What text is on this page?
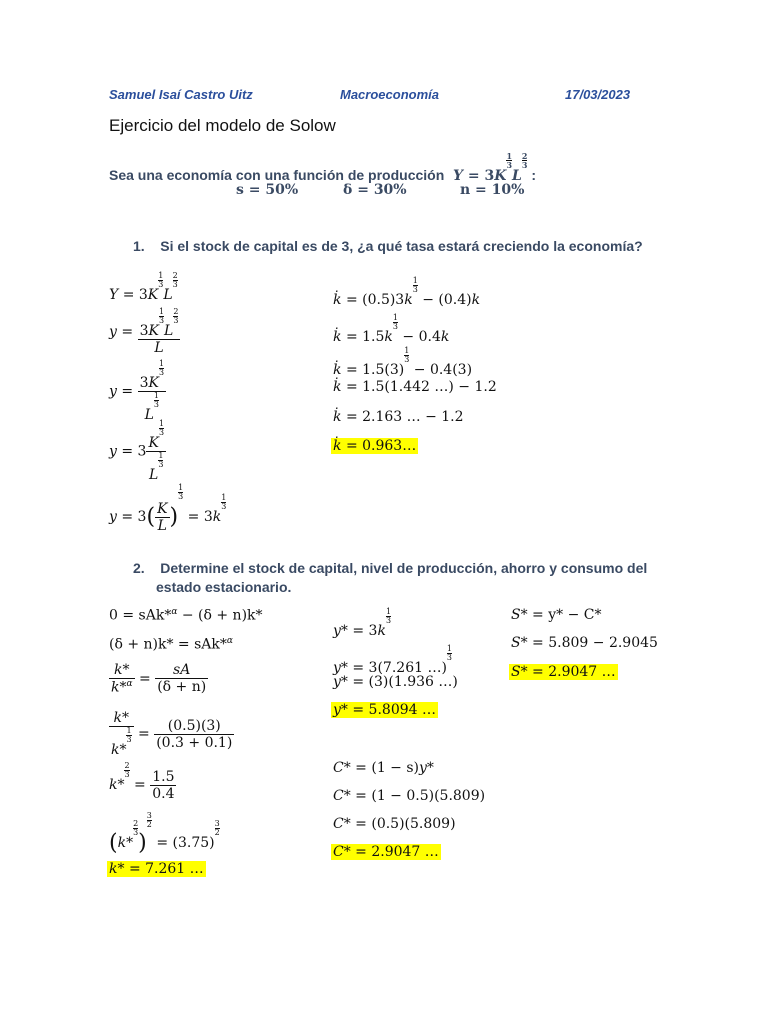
Samuel Isaí Castro Uitz	Macroeconomía	17/03/2023
Ejercicio del modelo de Solow
Sea una economía con una función de producción Y = 3K
$\frac{1}{3}$
L
$\frac{2}{3}$
:
s = 50%	δ = 30%	n = 10%
1. Si el stock de capital es de 3, ¿a qué tasa estará creciendo la economía?
Y = 3K
$\frac{1}{3}$
L
$\frac{2}{3}$
y = 3K
$\frac{1}{3}$
L
$\frac{2}{3}$
L
y = 3K
$\frac{1}{3}$
L
$\frac{1}{3}$
y = 3 K
$\frac{1}{3}$
L
$\frac{1}{3}$
$y = 3( \frac{K}{L}$ )
$\frac{1}{3}$
= 3k
$\frac{1}{3}$
k̇ = (0.5)3k
$\frac{1}{3}$
− (0.4)k
k̇ = 1.5k
$\frac{1}{3}$
− 0.4k
k̇ = 1.5(3)
$\frac{1}{3}$
− 0.4(3)
k̇ = 1.5(1.442 …) − 1.2
k̇ = 2.163 … − 1.2
k̇ = 0.963…
2. Determine el stock de capital, nivel de producción, ahorro y consumo del
estado estacionario.
0 = sAk*$^\alpha$ − (δ + n)k*
(δ + n)k* = sAk*$^\alpha$
$\frac{k*}{k*^\alpha} = \frac{sA}{(\delta + n)}$
k*
k*
$\frac{1}{3} = \frac{(0.5)(3)}{(0.3 + 0.1)}$
k*
$\frac{2}{3}$
= $\frac{1.5}{0.4}$
(k*
$\frac{2}{3}$
)
$\frac{3}{2}$
= (3.75)
$\frac{3}{2}$
k* = 7.261 …
y* = 3k
$\frac{1}{3}$
y* = 3(7.261 …)
$\frac{1}{3}$
y* = (3)(1.936 …)
y* = 5.8094 …
C* = (1 − s)y*
C* = (1 − 0.5)(5.809)
C* = (0.5)(5.809)
C* = 2.9047 …
S* = y* − C*
S* = 5.809 − 2.9045
S* = 2.9047 …
